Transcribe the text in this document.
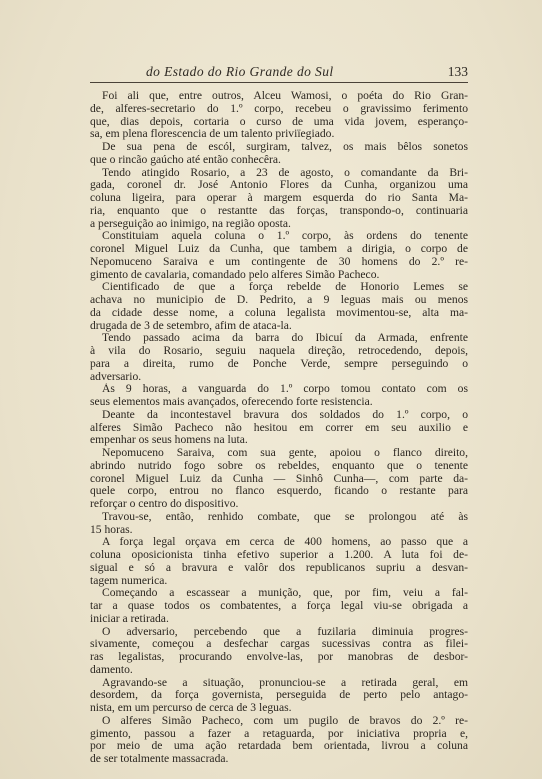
do Estado do Rio Grande do Sul	133
Foi ali que, entre outros, Alceu Wamosi, o poéta do Rio Gran-
de, alferes-secretario do 1.º corpo, recebeu o gravissimo ferimento
que, dias depois, cortaria o curso de uma vida jovem, esperanço-
sa, em plena florescencia de um talento priviïegiado.
De sua pena de escól, surgiram, talvez, os mais bêlos sonetos
que o rincão gaúcho até então conhecêra.
Tendo atingido Rosario, a 23 de agosto, o comandante da Bri-
gada, coronel dr. José Antonio Flores da Cunha, organizou uma
coluna ligeira, para operar à margem esquerda do rio Santa Ma-
ria, enquanto que o restantte das forças, transpondo-o, continuaria
a perseguição ao inimigo, na região oposta.
Constituiam aquela coluna o 1.º corpo, às ordens do tenente
coronel Miguel Luiz da Cunha, que tambem a dirigia, o corpo de
Nepomuceno Saraiva e um contingente de 30 homens do 2.º re-
gimento de cavalaria, comandado pelo alferes Simão Pacheco.
Cientificado de que a força rebelde de Honorio Lemes se
achava no municipio de D. Pedrito, a 9 leguas mais ou menos
da cidade desse nome, a coluna legalista movimentou-se, alta ma-
drugada de 3 de setembro, afim de ataca-la.
Tendo passado acima da barra do Ibicuí da Armada, enfrente
à vila do Rosario, seguiu naquela direção, retrocedendo, depois,
para a direita, rumo de Ponche Verde, sempre perseguindo o
adversario.
Às 9 horas, a vanguarda do 1.º corpo tomou contato com os
seus elementos mais avançados, oferecendo forte resistencia.
Deante da incontestavel bravura dos soldados do 1.º corpo, o
alferes Simão Pacheco não hesitou em correr em seu auxilio e
empenhar os seus homens na luta.
Nepomuceno Saraiva, com sua gente, apoiou o flanco direito,
abrindo nutrido fogo sobre os rebeldes, enquanto que o tenente
coronel Miguel Luiz da Cunha — Sinhô Cunha—, com parte da-
quele corpo, entrou no flanco esquerdo, ficando o restante para
reforçar o centro do dispositivo.
Travou-se, então, renhido combate, que se prolongou até às
15 horas.
A força legal orçava em cerca de 400 homens, ao passo que a
coluna oposicionista tinha efetivo superior a 1.200. A luta foi de-
sigual e só a bravura e valôr dos republicanos supriu a desvan-
tagem numerica.
Começando a escassear a munição, que, por fim, veiu a fal-
tar a quase todos os combatentes, a força legal viu-se obrigada a
iniciar a retirada.
O adversario, percebendo que a fuzilaria diminuia progres-
sivamente, começou a desfechar cargas sucessivas contra as filei-
ras legalistas, procurando envolve-las, por manobras de desbor-
damento.
Agravando-se a situação, pronunciou-se a retirada geral, em
desordem, da força governista, perseguida de perto pelo antago-
nista, em um percurso de cerca de 3 leguas.
O alferes Simão Pacheco, com um pugilo de bravos do 2.º re-
gimento, passou a fazer a retaguarda, por iniciativa propria e,
por meio de uma ação retardada bem orientada, livrou a coluna
de ser totalmente massacrada.
